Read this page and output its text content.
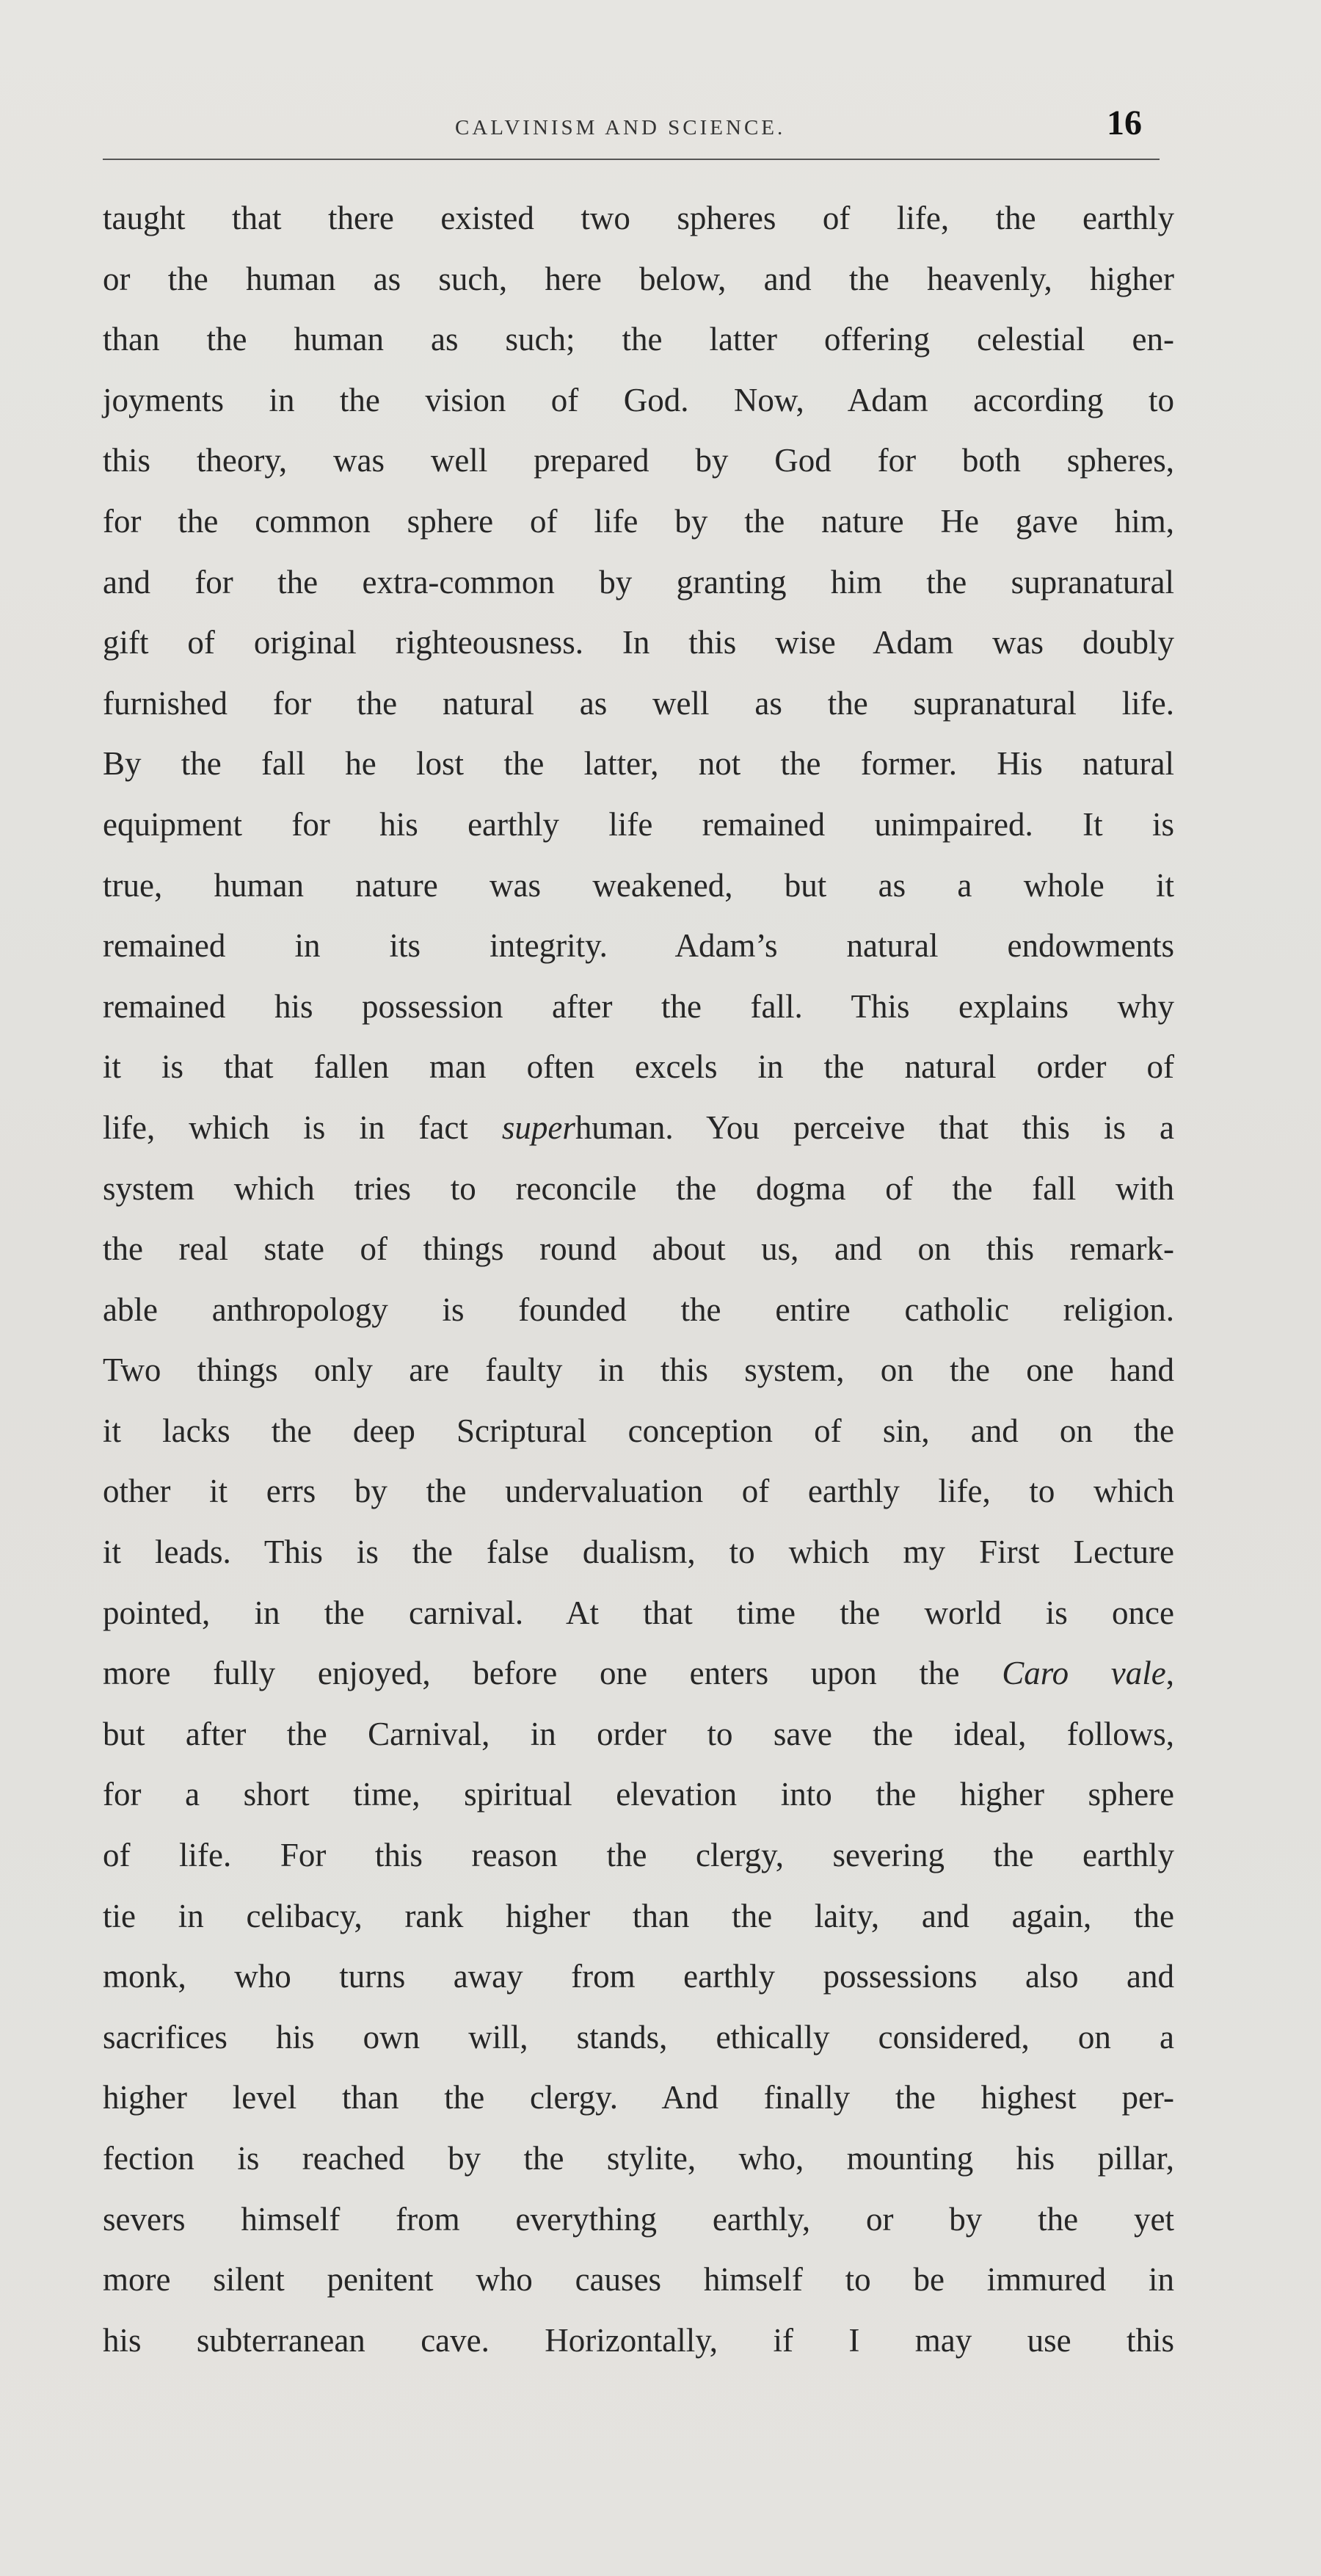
CALVINISM AND SCIENCE.	16
taught that there existed two spheres of life, the earthly
or the human as such, here below, and the heavenly, higher
than the human as such; the latter offering celestial en-
joyments in the vision of God. Now, Adam according to
this theory, was well prepared by God for both spheres,
for the common sphere of life by the nature He gave him,
and for the extra-common by granting him the supranatural
gift of original righteousness. In this wise Adam was doubly
furnished for the natural as well as the supranatural life.
By the fall he lost the latter, not the former. His natural
equipment for his earthly life remained unimpaired. It is
true, human nature was weakened, but as a whole it
remained in its integrity. Adam’s natural endowments
remained his possession after the fall. This explains why
it is that fallen man often excels in the natural order of
life, which is in fact superhuman. You perceive that this is a
system which tries to reconcile the dogma of the fall with
the real state of things round about us, and on this remark-
able anthropology is founded the entire catholic religion.
Two things only are faulty in this system, on the one hand
it lacks the deep Scriptural conception of sin, and on the
other it errs by the undervaluation of earthly life, to which
it leads. This is the false dualism, to which my First Lecture
pointed, in the carnival. At that time the world is once
more fully enjoyed, before one enters upon the Caro vale,
but after the Carnival, in order to save the ideal, follows,
for a short time, spiritual elevation into the higher sphere
of life. For this reason the clergy, severing the earthly
tie in celibacy, rank higher than the laity, and again, the
monk, who turns away from earthly possessions also and
sacrifices his own will, stands, ethically considered, on a
higher level than the clergy. And finally the highest per-
fection is reached by the stylite, who, mounting his pillar,
severs himself from everything earthly, or by the yet
more silent penitent who causes himself to be immured in
his subterranean cave. Horizontally, if I may use this
